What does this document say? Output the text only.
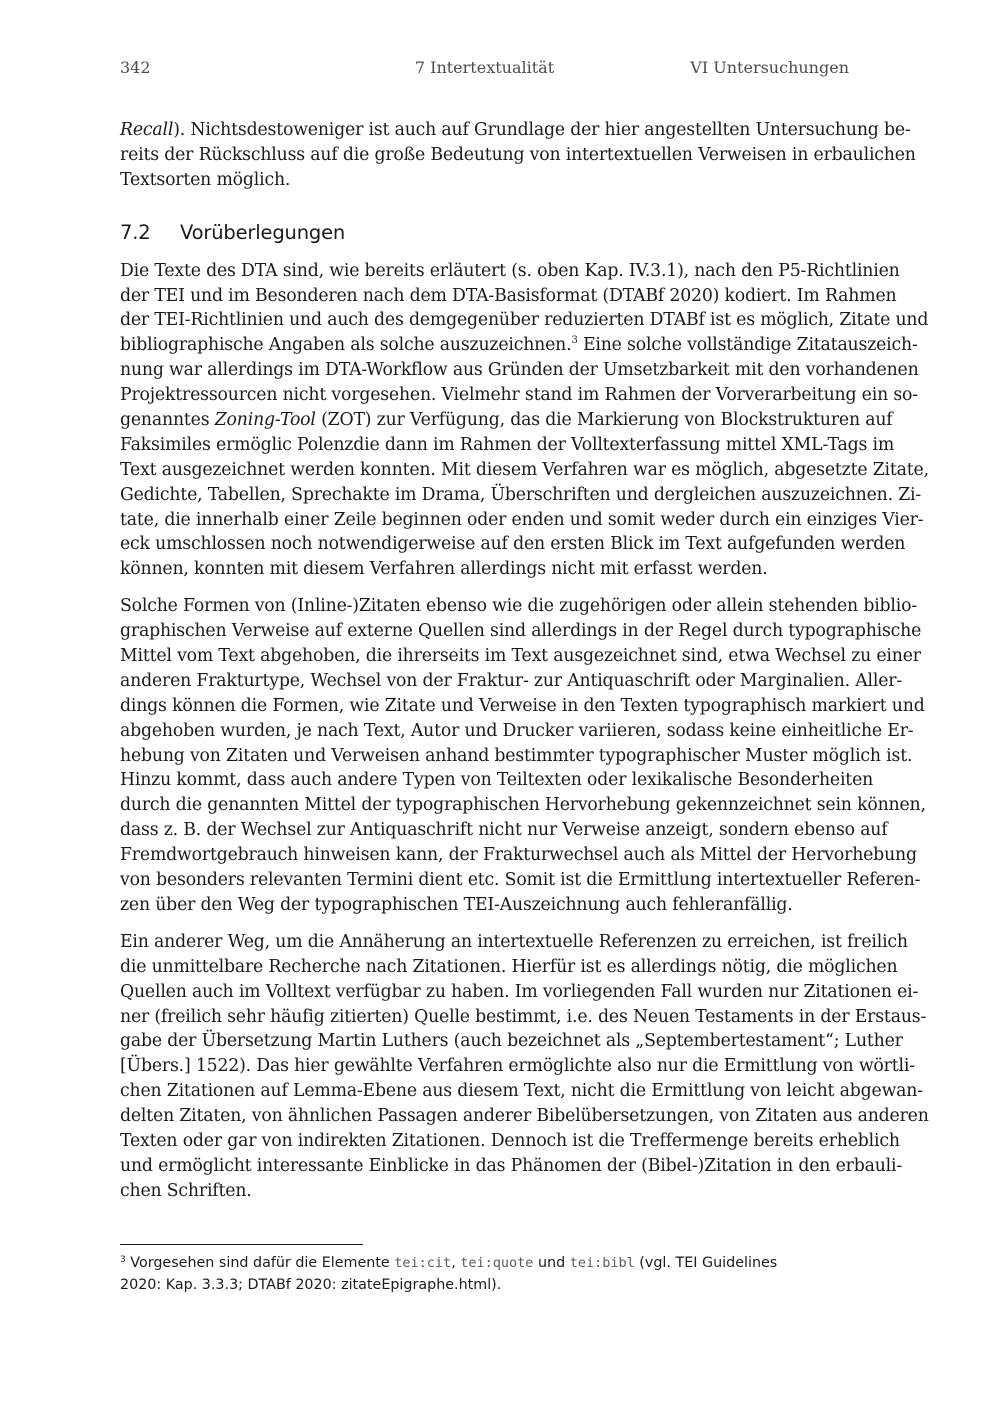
342	7 Intertextualität	VI Untersuchungen
Recall). Nichtsdestoweniger ist auch auf Grundlage der hier angestellten Untersuchung be-
reits der Rückschluss auf die große Bedeutung von intertextuellen Verweisen in erbaulichen
Textsorten möglich.
7.2 Vorüberlegungen
Die Texte des DTA sind, wie bereits erläutert (s. oben Kap. IV.3.1), nach den P5-Richtlinien
der TEI und im Besonderen nach dem DTA-Basisformat (DTABf 2020) kodiert. Im Rahmen
der TEI-Richtlinien und auch des demgegenüber reduzierten DTABf ist es möglich, Zitate und
bibliographische Angaben als solche auszuzeichnen.$^3$ Eine solche vollständige Zitatauszeich-
nung war allerdings im DTA-Workflow aus Gründen der Umsetzbarkeit mit den vorhandenen
Projektressourcen nicht vorgesehen. Vielmehr stand im Rahmen der Vorverarbeitung ein so-
genanntes Zoning-Tool (ZOT) zur Verfügung, das die Markierung von Blockstrukturen auf
Faksimiles ermöglic Polenzdie dann im Rahmen der Volltexterfassung mittel XML-Tags im
Text ausgezeichnet werden konnten. Mit diesem Verfahren war es möglich, abgesetzte Zitate,
Gedichte, Tabellen, Sprechakte im Drama, Überschriften und dergleichen auszuzeichnen. Zi-
tate, die innerhalb einer Zeile beginnen oder enden und somit weder durch ein einziges Vier-
eck umschlossen noch notwendigerweise auf den ersten Blick im Text aufgefunden werden
können, konnten mit diesem Verfahren allerdings nicht mit erfasst werden.
Solche Formen von (Inline-)Zitaten ebenso wie die zugehörigen oder allein stehenden biblio-
graphischen Verweise auf externe Quellen sind allerdings in der Regel durch typographische
Mittel vom Text abgehoben, die ihrerseits im Text ausgezeichnet sind, etwa Wechsel zu einer
anderen Frakturtype, Wechsel von der Fraktur- zur Antiquaschrift oder Marginalien. Aller-
dings können die Formen, wie Zitate und Verweise in den Texten typographisch markiert und
abgehoben wurden, je nach Text, Autor und Drucker variieren, sodass keine einheitliche Er-
hebung von Zitaten und Verweisen anhand bestimmter typographischer Muster möglich ist.
Hinzu kommt, dass auch andere Typen von Teiltexten oder lexikalische Besonderheiten
durch die genannten Mittel der typographischen Hervorhebung gekennzeichnet sein können,
dass z. B. der Wechsel zur Antiquaschrift nicht nur Verweise anzeigt, sondern ebenso auf
Fremdwortgebrauch hinweisen kann, der Frakturwechsel auch als Mittel der Hervorhebung
von besonders relevanten Termini dient etc. Somit ist die Ermittlung intertextueller Referen-
zen über den Weg der typographischen TEI-Auszeichnung auch fehleranfällig.
Ein anderer Weg, um die Annäherung an intertextuelle Referenzen zu erreichen, ist freilich
die unmittelbare Recherche nach Zitationen. Hierfür ist es allerdings nötig, die möglichen
Quellen auch im Volltext verfügbar zu haben. Im vorliegenden Fall wurden nur Zitationen ei-
ner (freilich sehr häufig zitierten) Quelle bestimmt, i.e. des Neuen Testaments in der Erstaus-
gabe der Übersetzung Martin Luthers (auch bezeichnet als „Septembertestament“; Luther
[Übers.] 1522). Das hier gewählte Verfahren ermöglichte also nur die Ermittlung von wörtli-
chen Zitationen auf Lemma-Ebene aus diesem Text, nicht die Ermittlung von leicht abgewan-
delten Zitaten, von ähnlichen Passagen anderer Bibelübersetzungen, von Zitaten aus anderen
Texten oder gar von indirekten Zitationen. Dennoch ist die Treffermenge bereits erheblich
und ermöglicht interessante Einblicke in das Phänomen der (Bibel-)Zitation in den erbauli-
chen Schriften.
$^3$ Vorgesehen sind dafür die Elemente tei:cit, tei:quote und tei:bibl (vgl. TEI Guidelines
2020: Kap. 3.3.3; DTABf 2020: zitateEpigraphe.html).
